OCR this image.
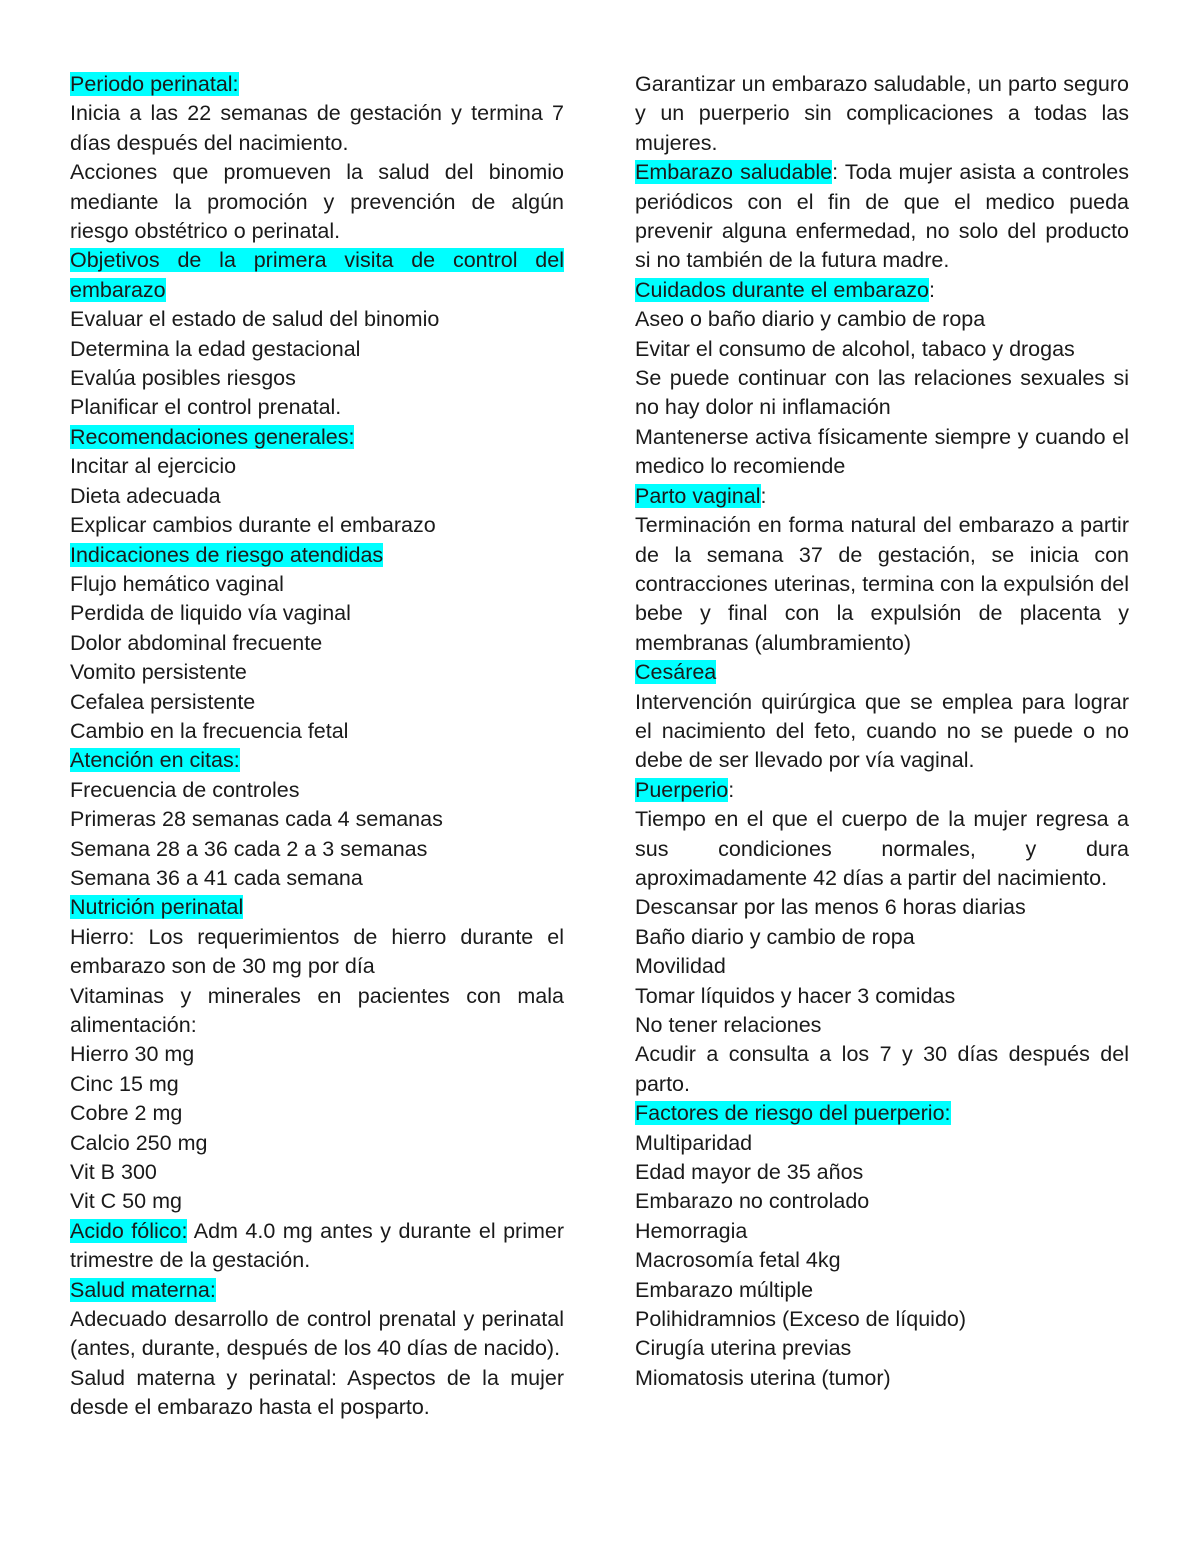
Periodo perinatal:

Inicia a las 22 semanas de gestación y termina 7 días después del nacimiento.

Acciones que promueven la salud del binomio mediante la promoción y prevención de algún riesgo obstétrico o perinatal.

Objetivos de la primera visita de control del embarazo

Evaluar el estado de salud del binomio

Determina la edad gestacional

Evalúa posibles riesgos

Planificar el control prenatal.

Recomendaciones generales:

Incitar al ejercicio

Dieta adecuada

Explicar cambios durante el embarazo

Indicaciones de riesgo atendidas

Flujo hemático vaginal

Perdida de liquido vía vaginal

Dolor abdominal frecuente

Vomito persistente

Cefalea persistente

Cambio en la frecuencia fetal

Atención en citas:

Frecuencia de controles

Primeras 28 semanas cada 4 semanas

Semana 28 a 36 cada 2 a 3 semanas

Semana 36 a 41 cada semana

Nutrición perinatal

Hierro: Los requerimientos de hierro durante el embarazo son de 30 mg por día

Vitaminas y minerales en pacientes con mala alimentación:

Hierro 30 mg

Cinc 15 mg

Cobre 2 mg

Calcio 250 mg

Vit B 300

Vit C 50 mg

Acido fólico: Adm 4.0 mg antes y durante el primer trimestre de la gestación.

Salud materna:

Adecuado desarrollo de control prenatal y perinatal (antes, durante, después de los 40 días de nacido).

Salud materna y perinatal: Aspectos de la mujer desde el embarazo hasta el posparto.

Garantizar un embarazo saludable, un parto seguro y un puerperio sin complicaciones a todas las mujeres.

Embarazo saludable: Toda mujer asista a controles periódicos con el fin de que el medico pueda prevenir alguna enfermedad, no solo del producto si no también de la futura madre.

Cuidados durante el embarazo:

Aseo o baño diario y cambio de ropa

Evitar el consumo de alcohol, tabaco y drogas

Se puede continuar con las relaciones sexuales si no hay dolor ni inflamación

Mantenerse activa físicamente siempre y cuando el medico lo recomiende

Parto vaginal:

Terminación en forma natural del embarazo a partir de la semana 37 de gestación, se inicia con contracciones uterinas, termina con la expulsión del bebe y final con la expulsión de placenta y membranas (alumbramiento)

Cesárea

Intervención quirúrgica que se emplea para lograr el nacimiento del feto, cuando no se puede o no debe de ser llevado por vía vaginal.

Puerperio:

Tiempo en el que el cuerpo de la mujer regresa a sus condiciones normales, y dura aproximadamente 42 días a partir del nacimiento.

Descansar por las menos 6 horas diarias

Baño diario y cambio de ropa

Movilidad

Tomar líquidos y hacer 3 comidas

No tener relaciones

Acudir a consulta a los 7 y 30 días después del parto.

Factores de riesgo del puerperio:

Multiparidad

Edad mayor de 35 años

Embarazo no controlado

Hemorragia

Macrosomía fetal 4kg

Embarazo múltiple

Polihidramnios (Exceso de líquido)

Cirugía uterina previas

Miomatosis uterina (tumor)
